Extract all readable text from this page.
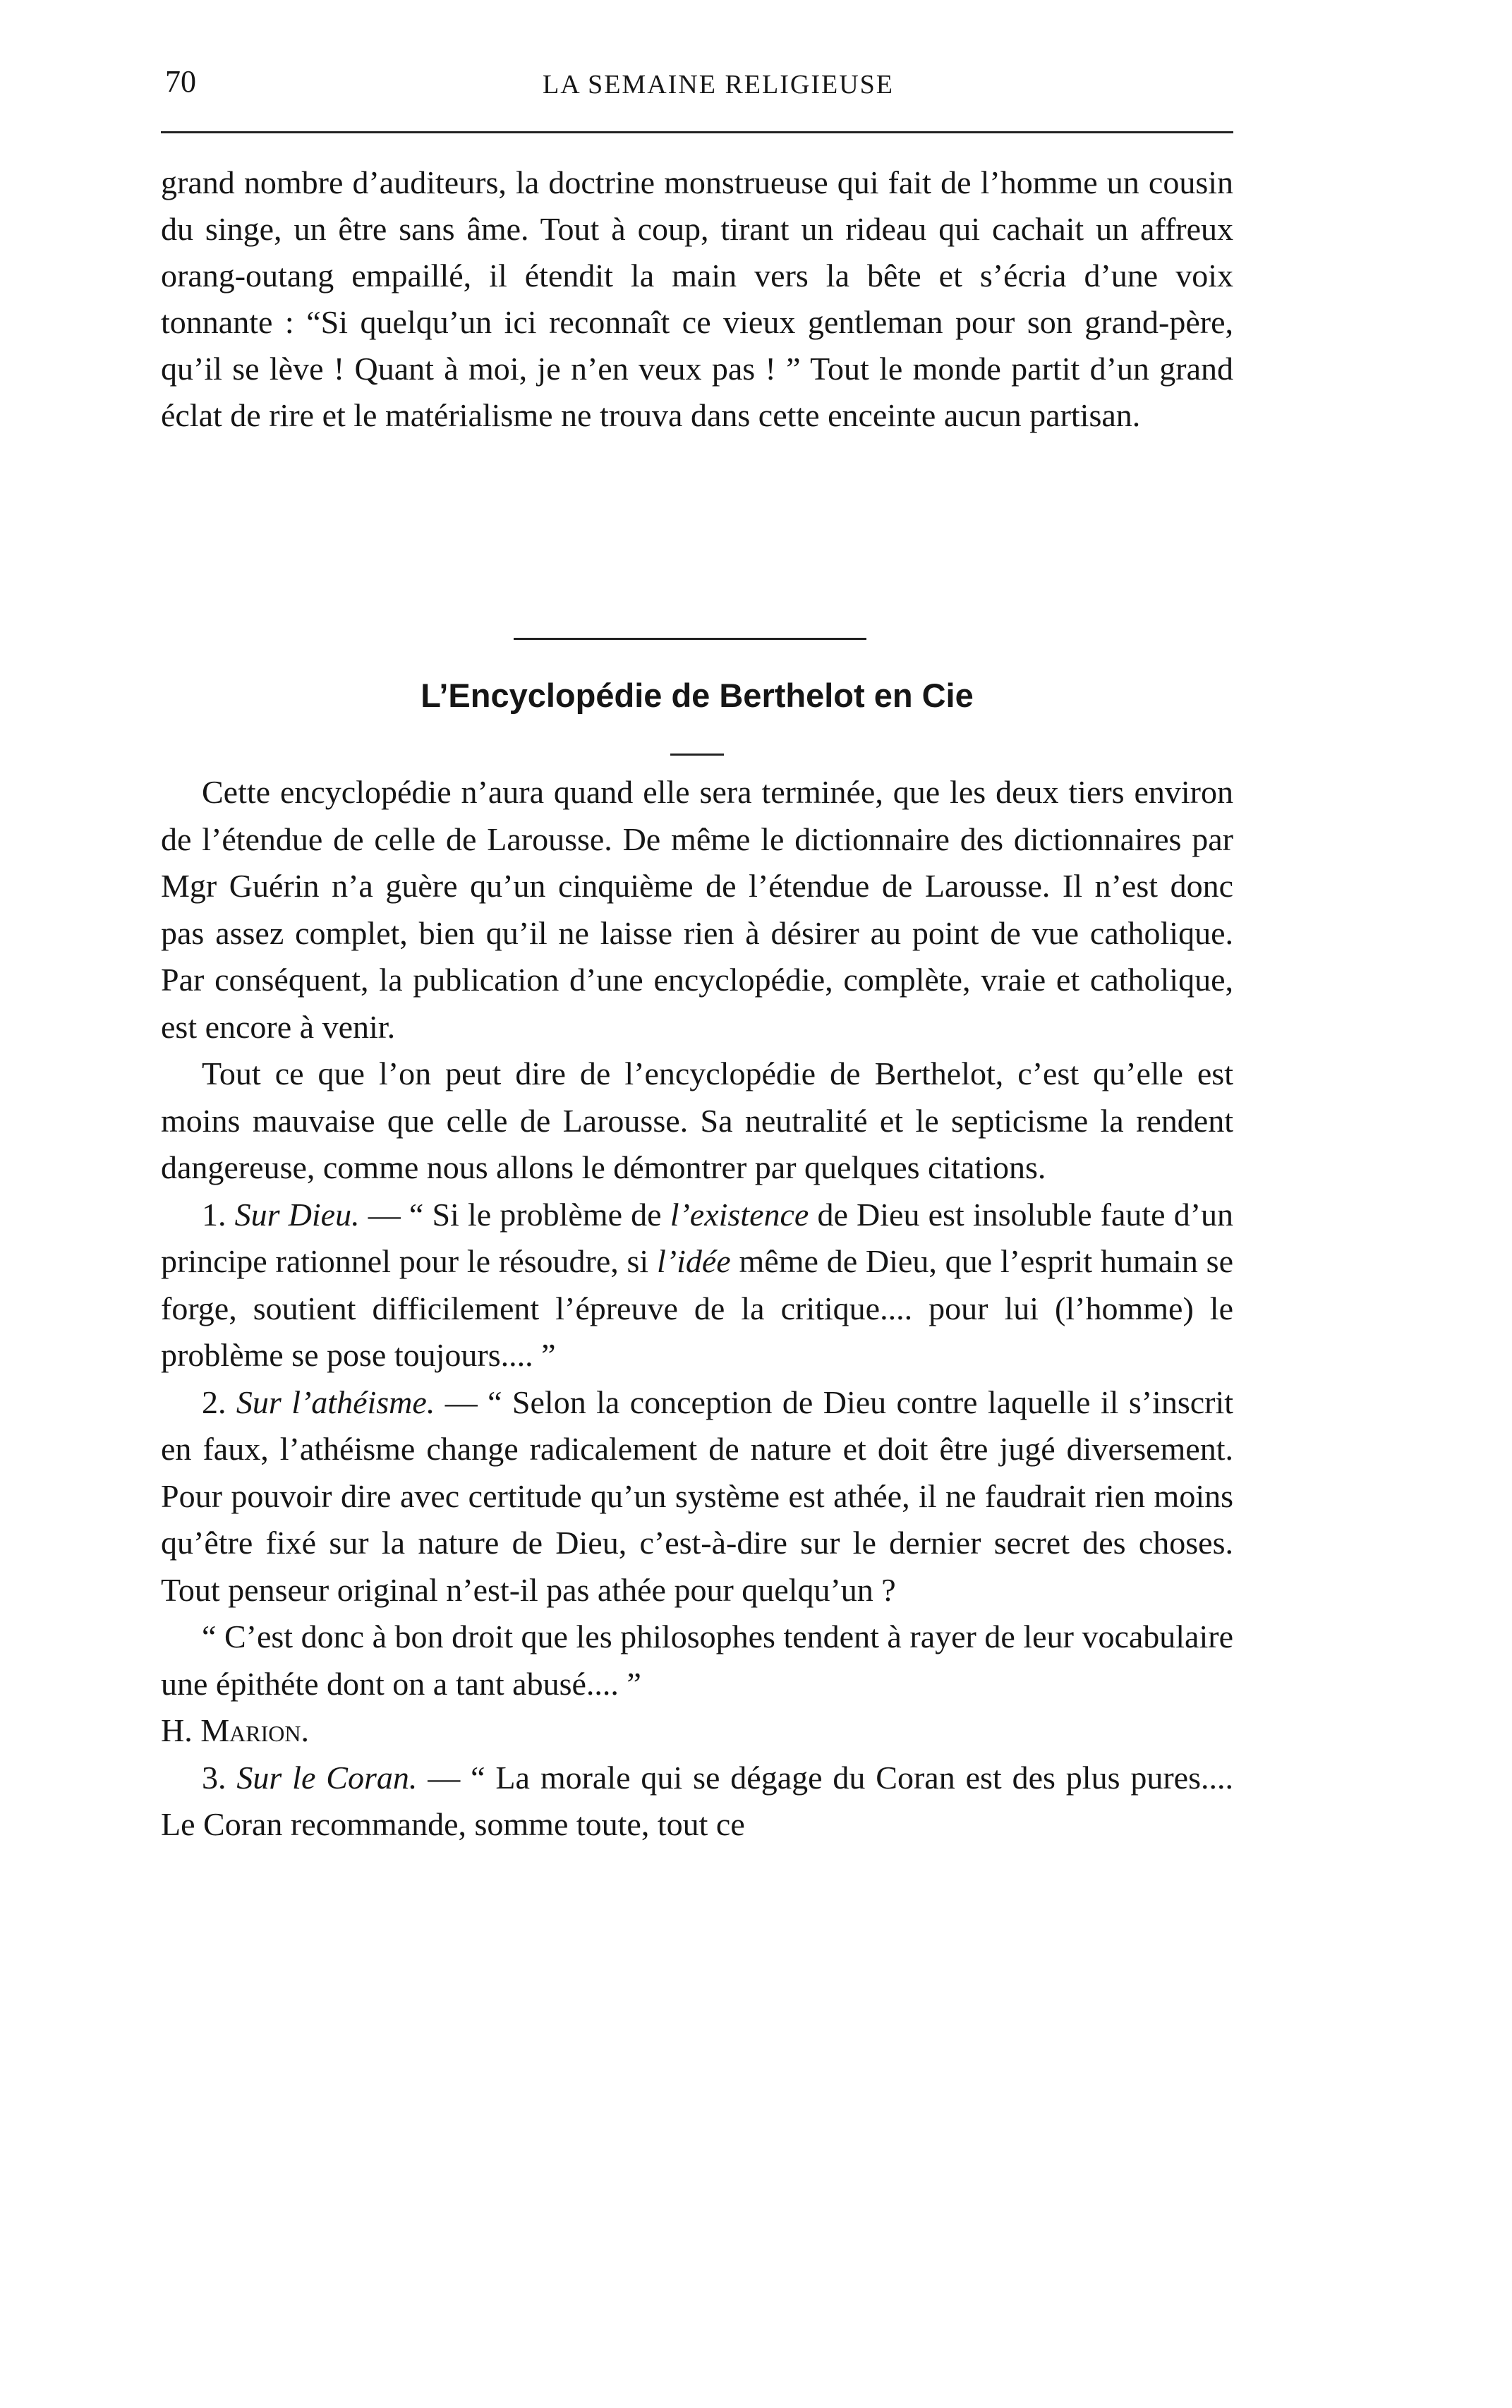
70	LA SEMAINE RELIGIEUSE

grand nombre d’auditeurs, la doctrine monstrueuse qui fait de l’homme un cousin du singe, un être sans âme. Tout à coup, tirant un rideau qui cachait un affreux orang-outang empaillé, il étendit la main vers la bête et s’écria d’une voix tonnante : “Si quelqu’un ici reconnaît ce vieux gentleman pour son grand-père, qu’il se lève ! Quant à moi, je n’en veux pas ! ” Tout le monde partit d’un grand éclat de rire et le matérialisme ne trouva dans cette enceinte aucun partisan.

L’Encyclopédie de Berthelot en Cie

Cette encyclopédie n’aura quand elle sera terminée, que les deux tiers environ de l’étendue de celle de Larousse. De même le dictionnaire des dictionnaires par Mgr Guérin n’a guère qu’un cinquième de l’étendue de Larousse. Il n’est donc pas assez complet, bien qu’il ne laisse rien à désirer au point de vue catholique. Par conséquent, la publication d’une encyclopédie, complète, vraie et catholique, est encore à venir.

Tout ce que l’on peut dire de l’encyclopédie de Berthelot, c’est qu’elle est moins mauvaise que celle de Larousse. Sa neutralité et le septicisme la rendent dangereuse, comme nous allons le démontrer par quelques citations.

1. Sur Dieu. — “ Si le problème de l’existence de Dieu est insoluble faute d’un principe rationnel pour le résoudre, si l’idée même de Dieu, que l’esprit humain se forge, soutient difficilement l’épreuve de la critique.... pour lui (l’homme) le problème se pose toujours.... ”

2. Sur l’athéisme. — “ Selon la conception de Dieu contre laquelle il s’inscrit en faux, l’athéisme change radicalement de nature et doit être jugé diversement. Pour pouvoir dire avec certitude qu’un système est athée, il ne faudrait rien moins qu’être fixé sur la nature de Dieu, c’est-à-dire sur le dernier secret des choses. Tout penseur original n’est-il pas athée pour quelqu’un ?

“ C’est donc à bon droit que les philosophes tendent à rayer de leur vocabulaire une épithéte dont on a tant abusé.... ”

H. Marion.

3. Sur le Coran. — “ La morale qui se dégage du Coran est des plus pures.... Le Coran recommande, somme toute, tout ce
